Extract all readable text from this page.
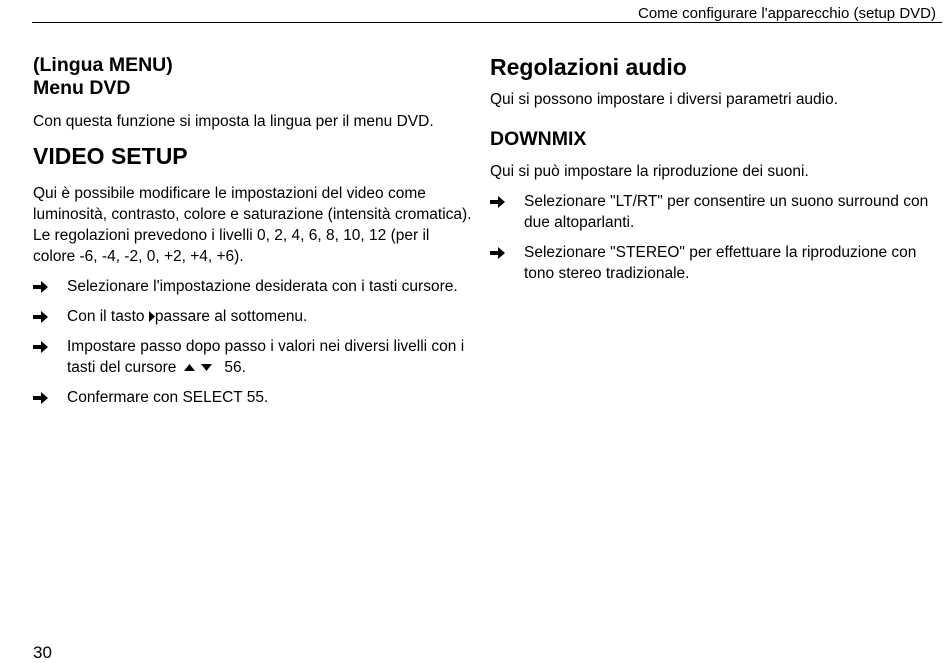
Come configurare l'apparecchio (setup DVD)
(Lingua MENU)
Menu DVD

Con questa funzione si imposta la lingua per il menu DVD.

VIDEO SETUP

Qui è possibile modificare le impostazioni del video come luminosità, contrasto, colore e saturazione (intensità cromatica). Le regolazioni prevedono i livelli 0, 2, 4, 6, 8, 10, 12 (per il colore -6, -4, -2, 0, +2, +4, +6).

Selezionare l'impostazione desiderata con i tasti cursore.
Con il tasto passare al sottomenu.
Impostare passo dopo passo i valori nei diversi livelli con i tasti del cursore	56.
Confermare con SELECT 55.
Regolazioni audio

Qui si possono impostare i diversi parametri audio.

DOWNMIX

Qui si può impostare la riproduzione dei suoni.

Selezionare "LT/RT" per consentire un suono surround con due altoparlanti.
Selezionare "STEREO" per effettuare la riproduzione con tono stereo tradizionale.
30
